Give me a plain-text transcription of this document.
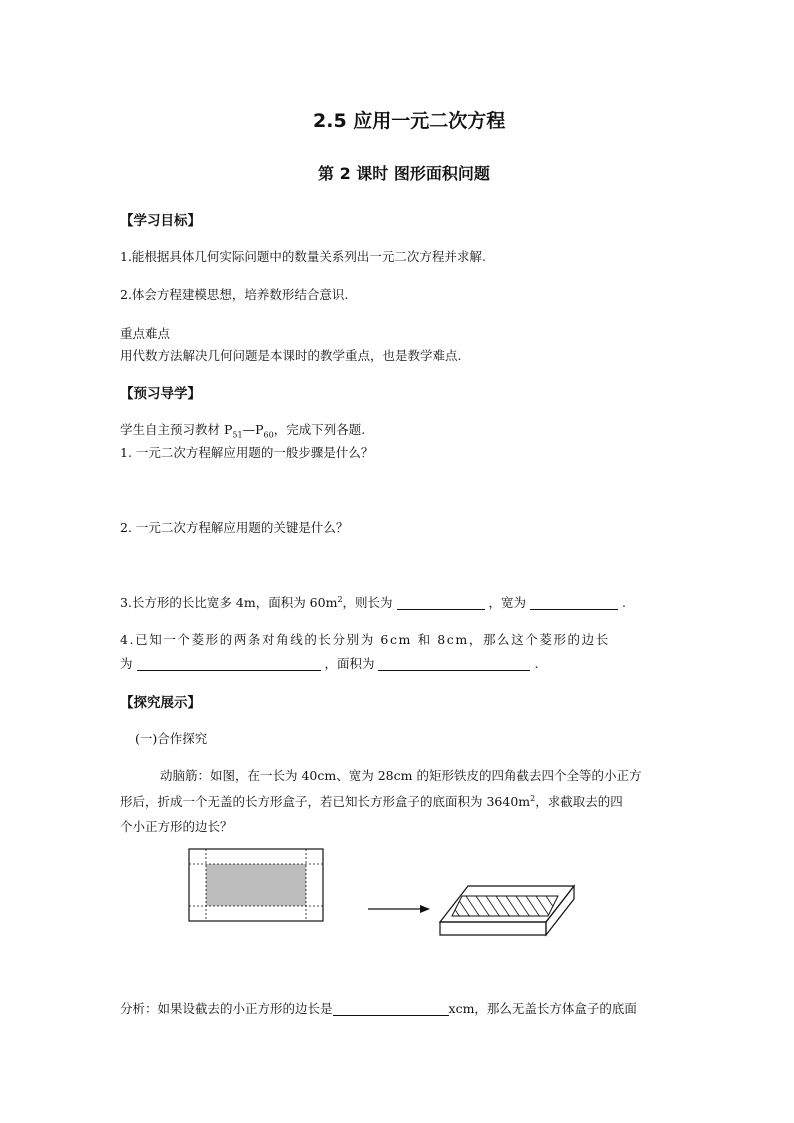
2.5 应用一元二次方程
第 2 课时 图形面积问题
【学习目标】
1.能根据具体几何实际问题中的数量关系列出一元二次方程并求解.
2.体会方程建模思想，培养数形结合意识.
重点难点
用代数方法解决几何问题是本课时的教学重点，也是教学难点.
【预习导学】
学生自主预习教材 $P_{51}—P_{60}$，完成下列各题.
1. 一元二次方程解应用题的一般步骤是什么？
2. 一元二次方程解应用题的关键是什么？
3.长方形的长比宽多 4m，面积为 $60m^2$，则长为	，宽为	.
4.已知一个菱形的两条对角线的长分别为 6cm 和 8cm，那么这个菱形的边长
为	，面积为	.
【探究展示】
(一)合作探究
动脑筋：如图，在一长为 40cm、宽为 28cm 的矩形铁皮的四角截去四个全等的小正方
形后，折成一个无盖的长方形盒子，若已知长方形盒子的底面积为 $3640m^2$，求截取去的四
个小正方形的边长？
分析：如果设截去的小正方形的边长是	xcm，那么无盖长方体盒子的底面
